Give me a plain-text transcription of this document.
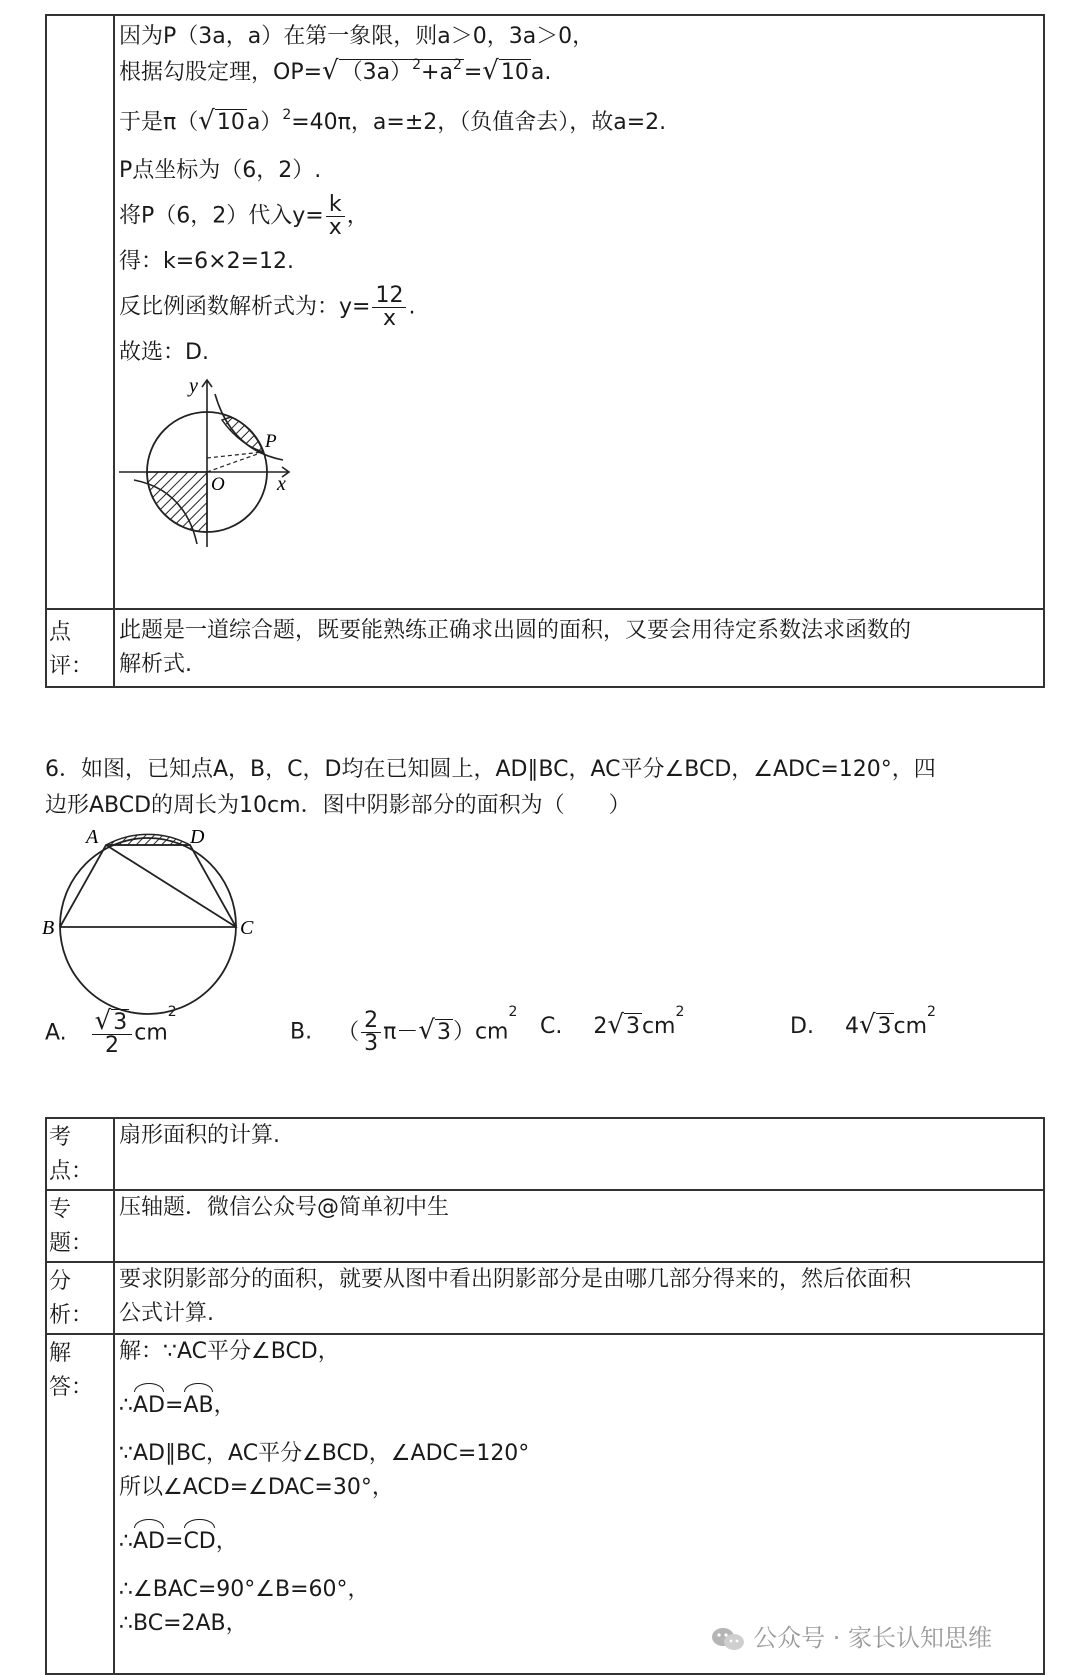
因为P（3a，a）在第一象限，则a＞0，3a＞0，
根据勾股定理，$OP=√(3a)^2+a^2=√10a$.
于是$\pi(√10a)^2=40\pi$，a=±2，（负值舍去），故a=2.
P点坐标为（6，2）.
将P（6，2）代入$y= \frac{k}{x}$ ，
得：k=6×2=12.
反比例函数解析式为：$y= \frac{12}{x}$ .
故选：D.
y
x
O
P
点评：
此题是一道综合题，既要能熟练正确求出圆的面积，又要会用待定系数法求函数的
解析式.
6．如图，已知点A，B，C，D均在已知圆上，AD∥BC，AC平分∠BCD，∠ADC=120°，四
边形ABCD的周长为10cm．图中阴影部分的面积为（　　）
A	D
B	C
A. $\frac{√3}{2} cm^2$
B. （ $\frac{2}{3} \pi-√3)cm^2$
C. $2√3cm^2$
D. $4√3cm^2$
考点：
扇形面积的计算.
专题：
压轴题．微信公众号@简单初中生
分析：
要求阴影部分的面积，就要从图中看出阴影部分是由哪几部分得来的，然后依面积
公式计算.
解答：
解：∵AC平分∠BCD，
∴AD=AB，
∵AD∥BC，AC平分∠BCD，∠ADC=120°
所以∠ACD=∠DAC=30°，
∴AD=CD，
∴∠BAC=90°∠B=60°，
∴BC=2AB，
公众号 · 家长认知思维
